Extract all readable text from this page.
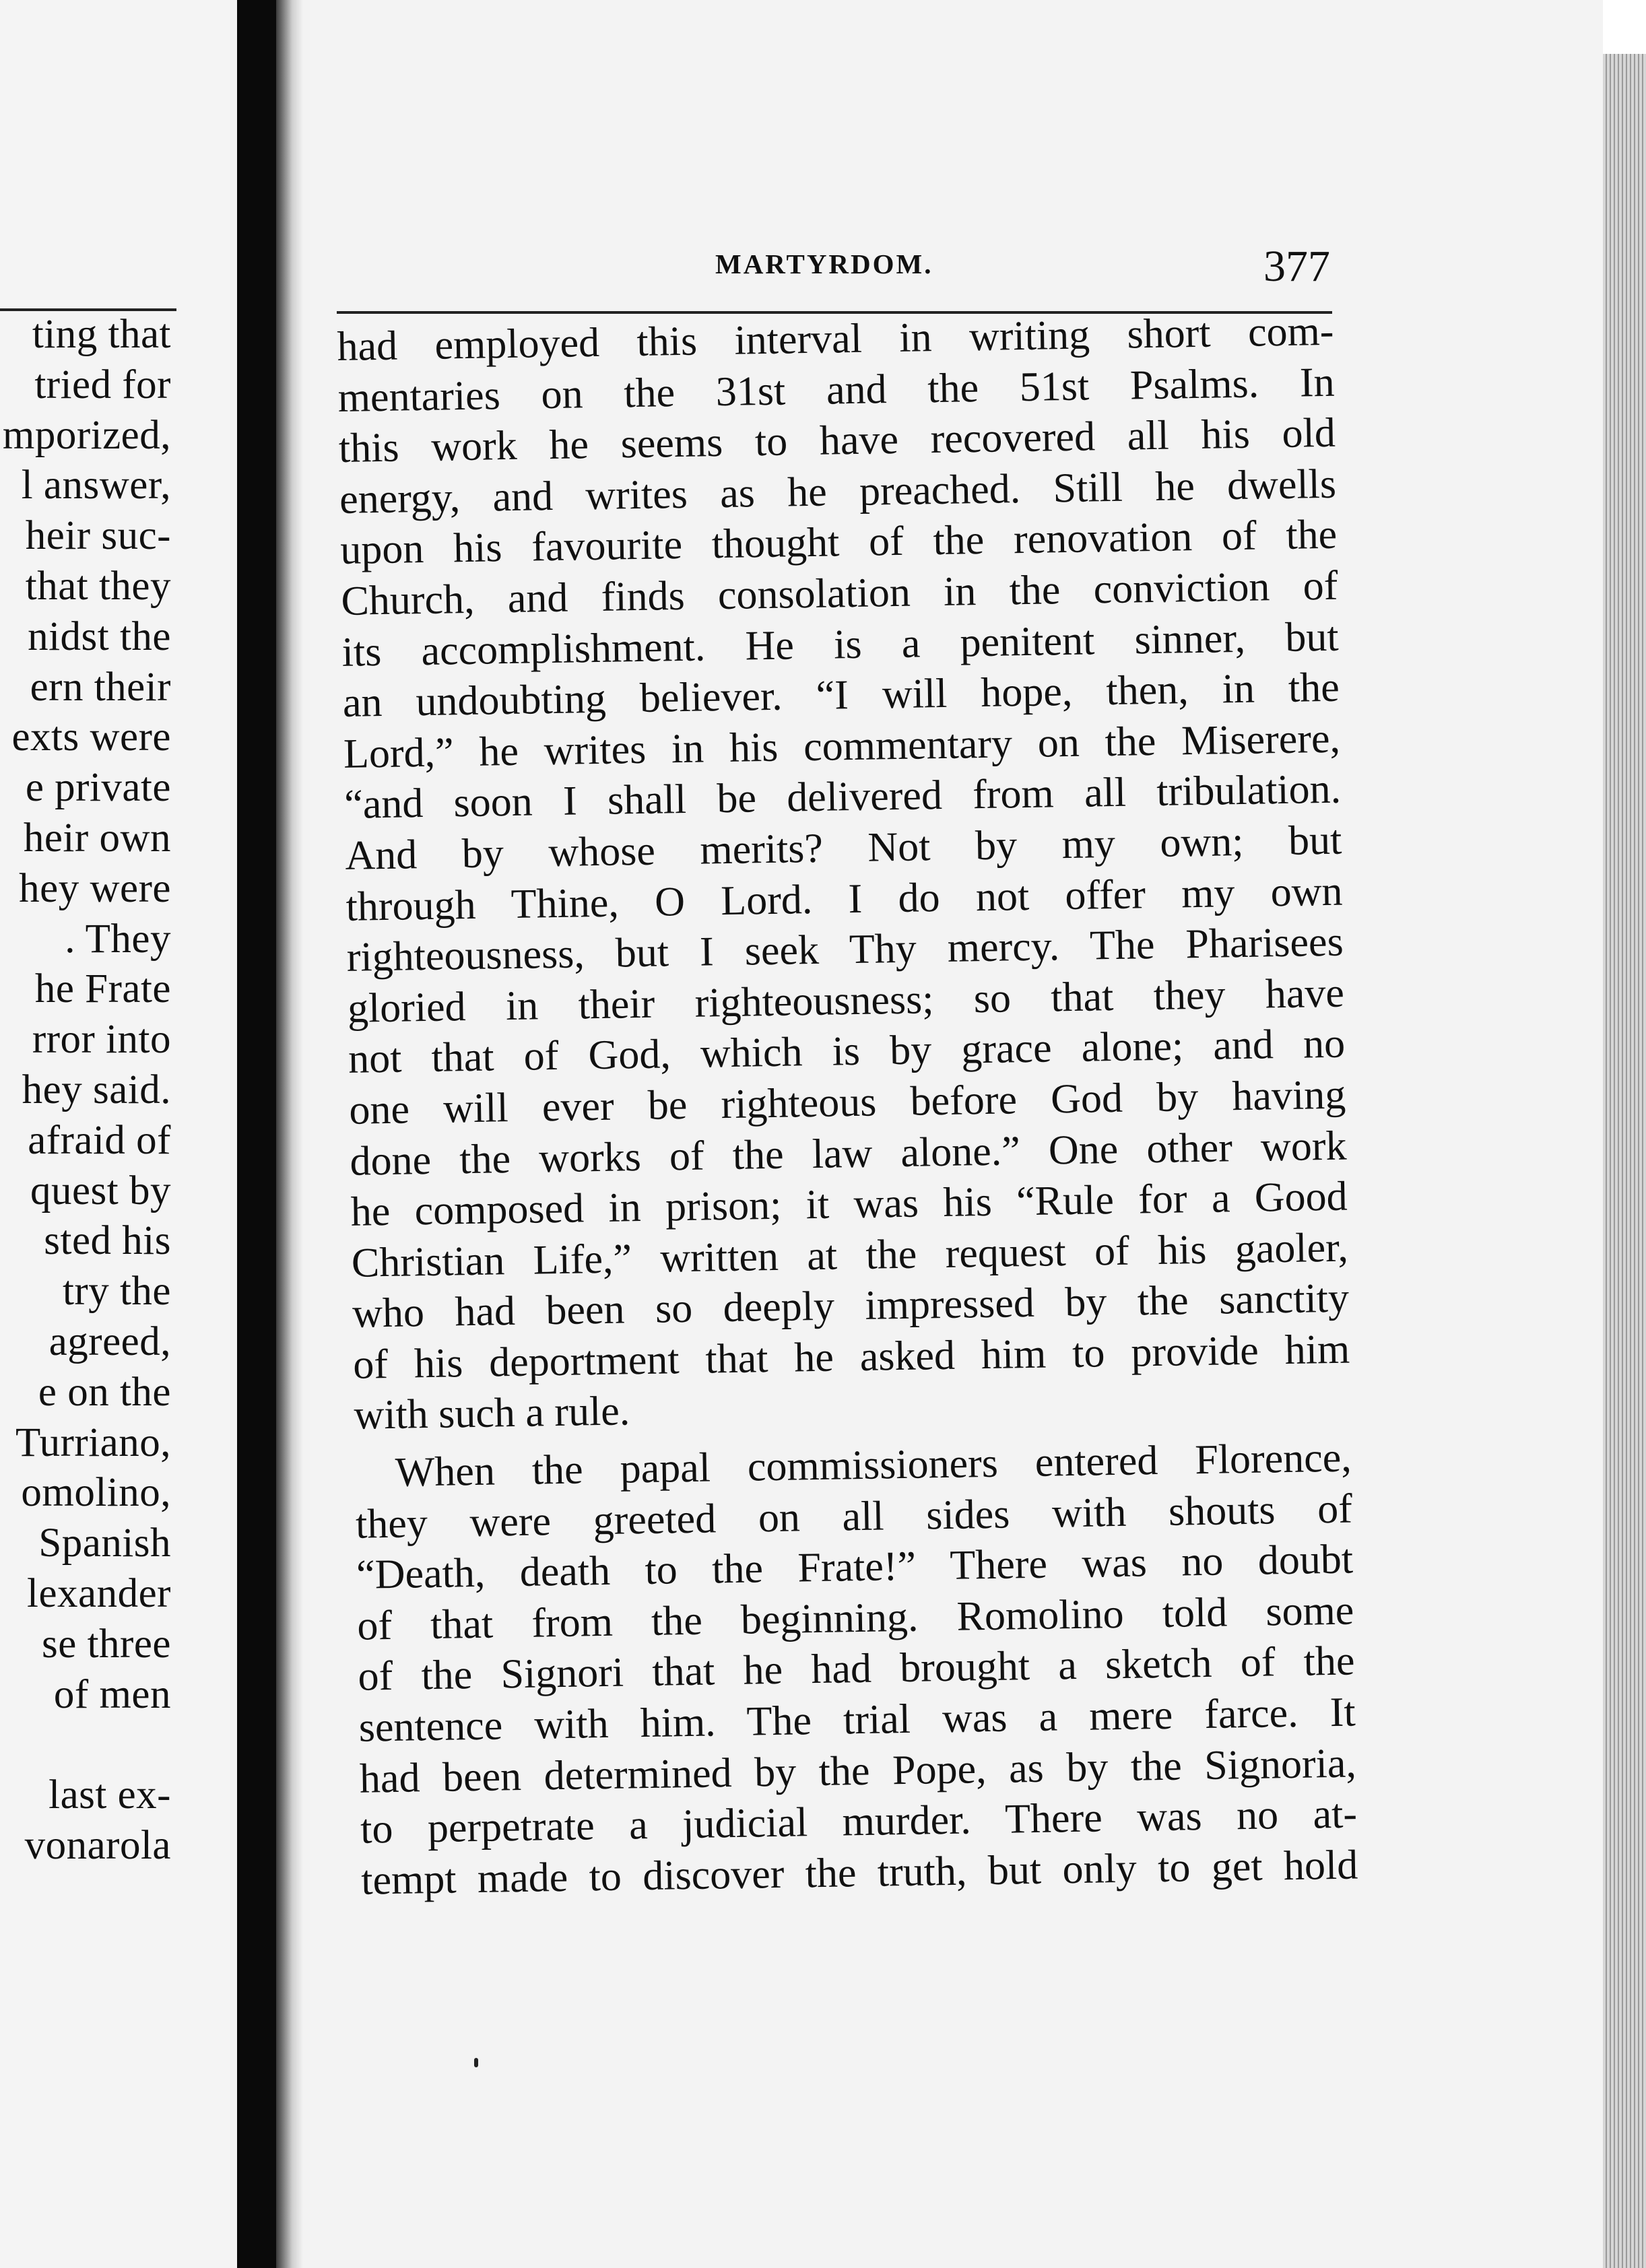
ting that
tried for
mporized,
l answer,
heir suc-
that they
nidst the
ern their
exts were
e private
heir own
hey were
. They
he Frate
rror into
hey said.
afraid of
quest by
sted his
try the
agreed,
e on the
Turriano,
omolino,
Spanish
lexander
se three
of men
last ex-
vonarola
MARTYRDOM.	377
had employed this interval in writing short com-
mentaries on the 31st and the 51st Psalms. In
this work he seems to have recovered all his old
energy, and writes as he preached. Still he dwells
upon his favourite thought of the renovation of the
Church, and finds consolation in the conviction of
its accomplishment. He is a penitent sinner, but
an undoubting believer. “I will hope, then, in the
Lord,” he writes in his commentary on the Miserere,
“and soon I shall be delivered from all tribulation.
And by whose merits? Not by my own; but
through Thine, O Lord. I do not offer my own
righteousness, but I seek Thy mercy. The Pharisees
gloried in their righteousness; so that they have
not that of God, which is by grace alone; and no
one will ever be righteous before God by having
done the works of the law alone.” One other work
he composed in prison; it was his “Rule for a Good
Christian Life,” written at the request of his gaoler,
who had been so deeply impressed by the sanctity
of his deportment that he asked him to provide him
with such a rule.
When the papal commissioners entered Florence,
they were greeted on all sides with shouts of
“Death, death to the Frate!” There was no doubt
of that from the beginning. Romolino told some
of the Signori that he had brought a sketch of the
sentence with him. The trial was a mere farce. It
had been determined by the Pope, as by the Signoria,
to perpetrate a judicial murder. There was no at-
tempt made to discover the truth, but only to get hold
